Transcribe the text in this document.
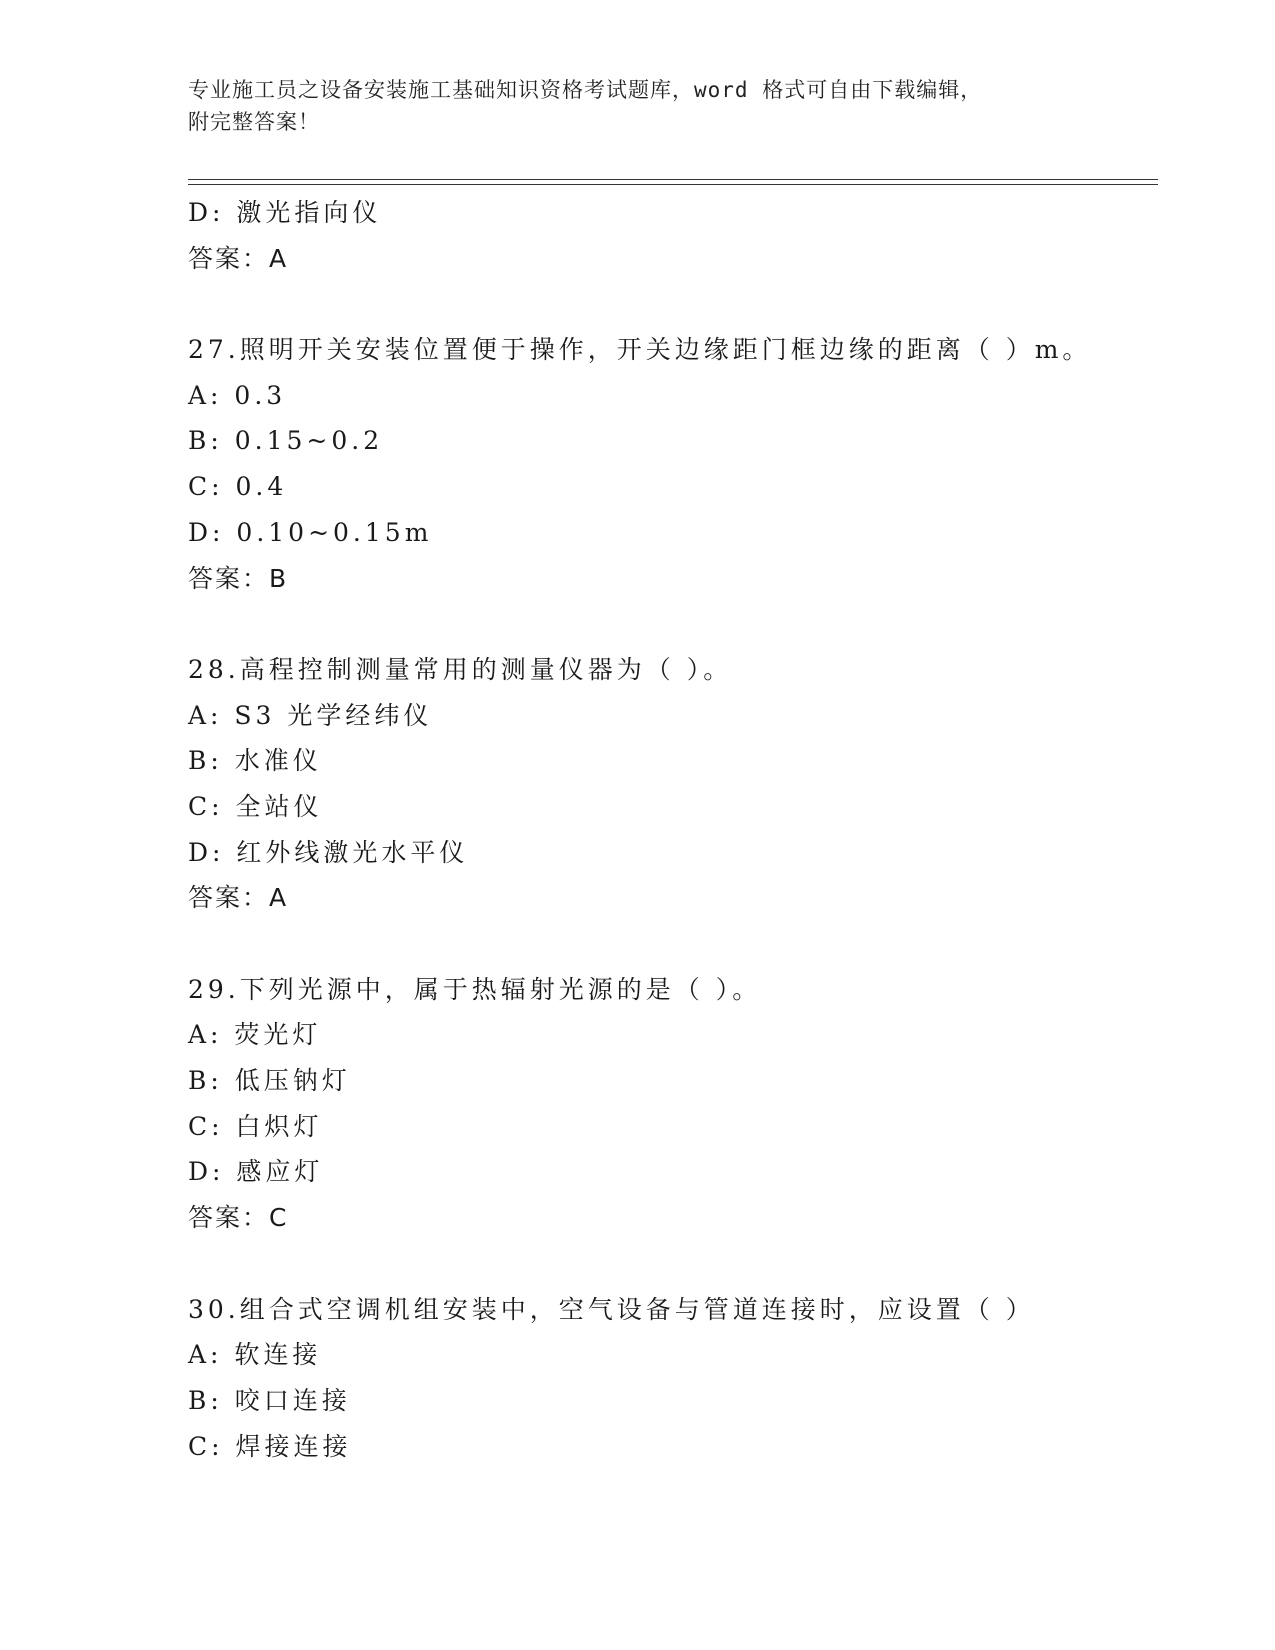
专业施工员之设备安装施工基础知识资格考试题库，word 格式可自由下载编辑，
附完整答案！
D: 激光指向仪
答案：A
27.照明开关安装位置便于操作，开关边缘距门框边缘的距离（ ）m。
A: 0.3
B: 0.15~0.2
C: 0.4
D: 0.10~0.15m
答案：B
28.高程控制测量常用的测量仪器为（ ）。
A: S3 光学经纬仪
B: 水准仪
C: 全站仪
D: 红外线激光水平仪
答案：A
29.下列光源中，属于热辐射光源的是（ ）。
A: 荧光灯
B: 低压钠灯
C: 白炽灯
D: 感应灯
答案：C
30.组合式空调机组安装中，空气设备与管道连接时，应设置（ ）
A: 软连接
B: 咬口连接
C: 焊接连接
